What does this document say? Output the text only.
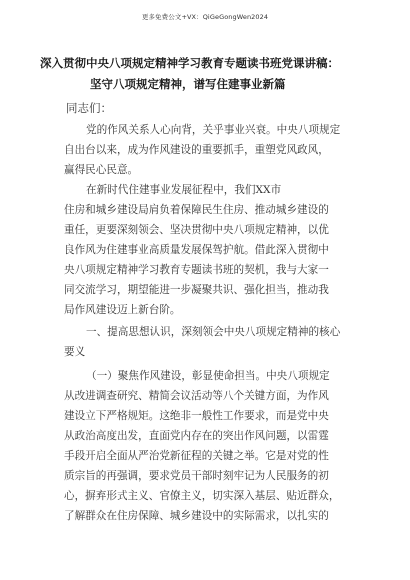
更多免费公文+VX：QiGeGongWen2024
深入贯彻中央八项规定精神学习教育专题读书班党课讲稿：
坚守八项规定精神，谱写住建事业新篇
同志们：
党的作风关系人心向背，关乎事业兴衰。中央八项规定
自出台以来，成为作风建设的重要抓手，重塑党风政风，
赢得民心民意。
在新时代住建事业发展征程中，我们XX市
住房和城乡建设局肩负着保障民生住房、推动城乡建设的
重任，更要深刻领会、坚决贯彻中央八项规定精神，以优
良作风为住建事业高质量发展保驾护航。借此深入贯彻中
央八项规定精神学习教育专题读书班的契机，我与大家一
同交流学习，期望能进一步凝聚共识、强化担当，推动我
局作风建设迈上新台阶。
一、提高思想认识，深刻领会中央八项规定精神的核心
要义
（一）聚焦作风建设，彰显使命担当。中央八项规定
从改进调查研究、精简会议活动等八个关键方面，为作风
建设立下严格规矩。这绝非一般性工作要求，而是党中央
从政治高度出发，直面党内存在的突出作风问题，以雷霆
手段开启全面从严治党新征程的关键之举。它是对党的性
质宗旨的再强调，要求党员干部时刻牢记为人民服务的初
心，摒弃形式主义、官僚主义，切实深入基层、贴近群众，
了解群众在住房保障、城乡建设中的实际需求，以扎实的
